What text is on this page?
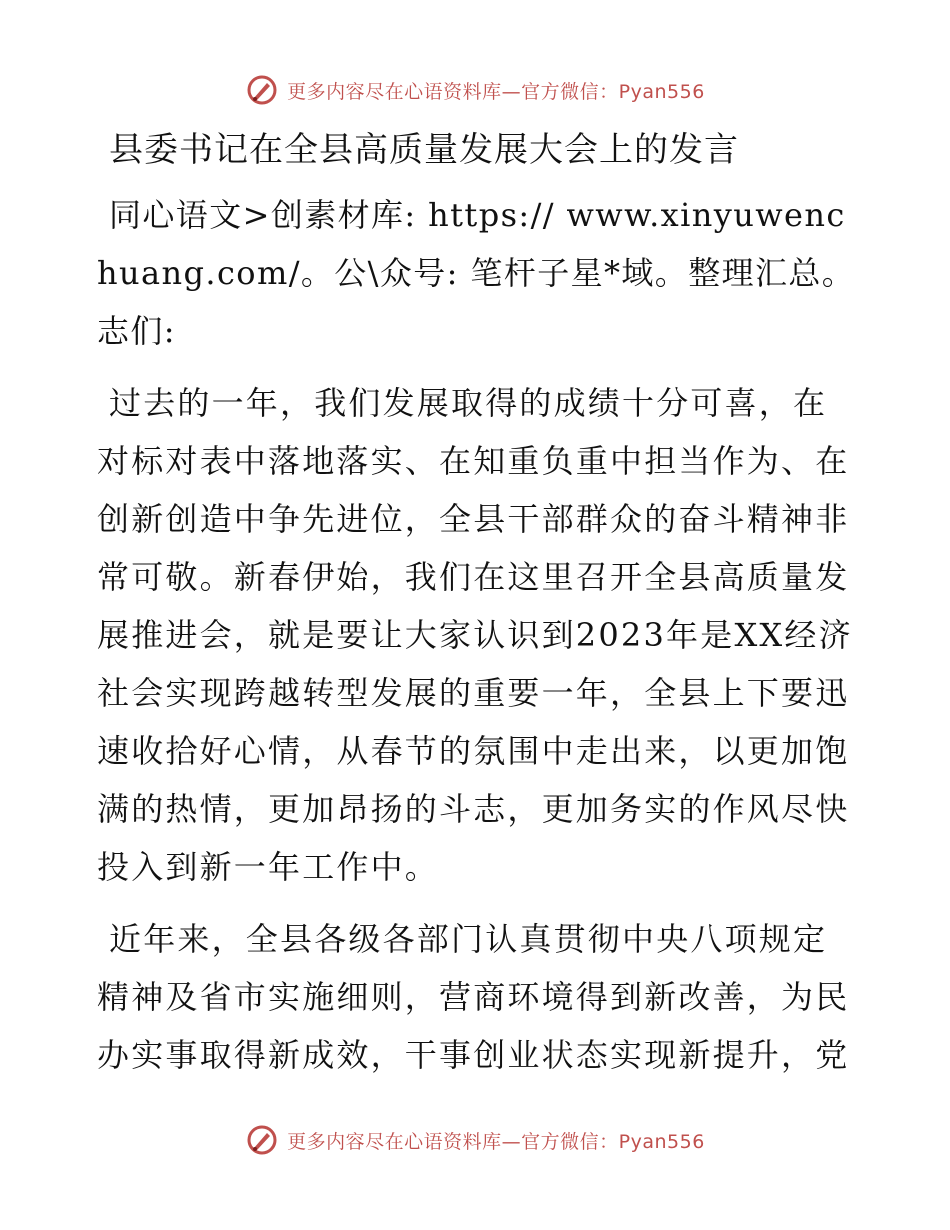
更多内容尽在心语资料库—官方微信：Pyan556
县委书记在全县高质量发展大会上的发言

同心语文>创素材库: https:// www.xinyuwenchuang.com/。公\众号: 笔杆子星*域。整理汇总。志们:

过去的一年，我们发展取得的成绩十分可喜，在对标对表中落地落实、在知重负重中担当作为、在创新创造中争先进位，全县干部群众的奋斗精神非常可敬。新春伊始，我们在这里召开全县高质量发展推进会，就是要让大家认识到2023年是XX经济社会实现跨越转型发展的重要一年，全县上下要迅速收拾好心情，从春节的氛围中走出来，以更加饱满的热情，更加昂扬的斗志，更加务实的作风尽快投入到新一年工作中。

近年来，全县各级各部门认真贯彻中央八项规定精神及省市实施细则，营商环境得到新改善，为民办实事取得新成效，干事创业状态实现新提升，党

更多内容尽在心语资料库—官方微信：Pyan556
